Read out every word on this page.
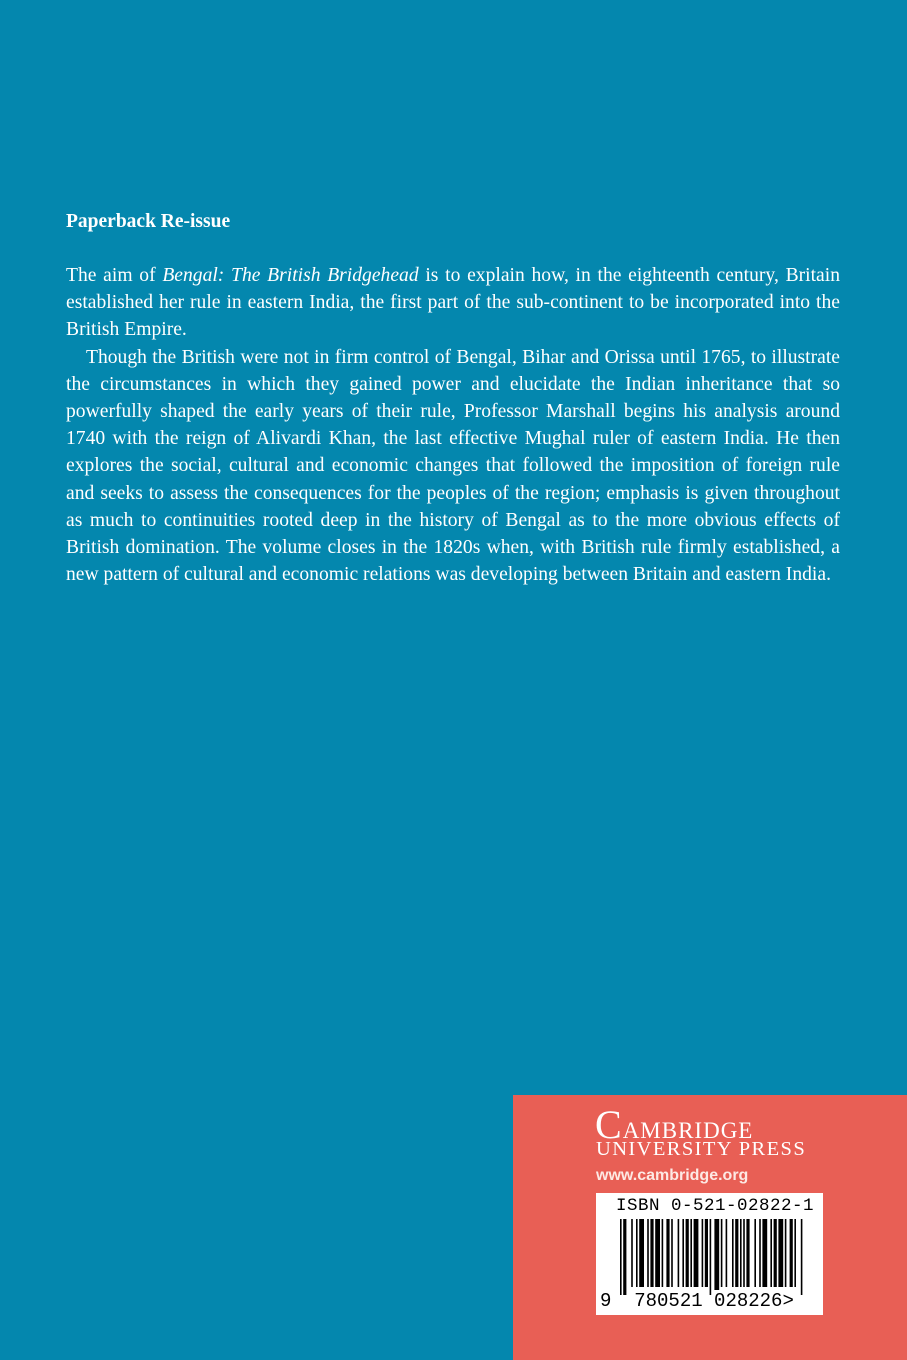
Paperback Re-issue

The aim of Bengal: The British Bridgehead is to explain how, in the eighteenth century, Britain established her rule in eastern India, the first part of the sub-continent to be incorporated into the British Empire.

Though the British were not in firm control of Bengal, Bihar and Orissa until 1765, to illustrate the circumstances in which they gained power and elucidate the Indian inheritance that so powerfully shaped the early years of their rule, Professor Marshall begins his analysis around 1740 with the reign of Alivardi Khan, the last effective Mughal ruler of eastern India. He then explores the social, cultural and economic changes that followed the imposition of foreign rule and seeks to assess the consequences for the peoples of the region; emphasis is given throughout as much to continuities rooted deep in the history of Bengal as to the more obvious effects of British domination. The volume closes in the 1820s when, with British rule firmly established, a new pattern of cultural and economic relations was developing between Britain and eastern India.

Cambridge
UNIVERSITY PRESS
www.cambridge.org
ISBN 0-521-02822-1
9 780521 028226>
